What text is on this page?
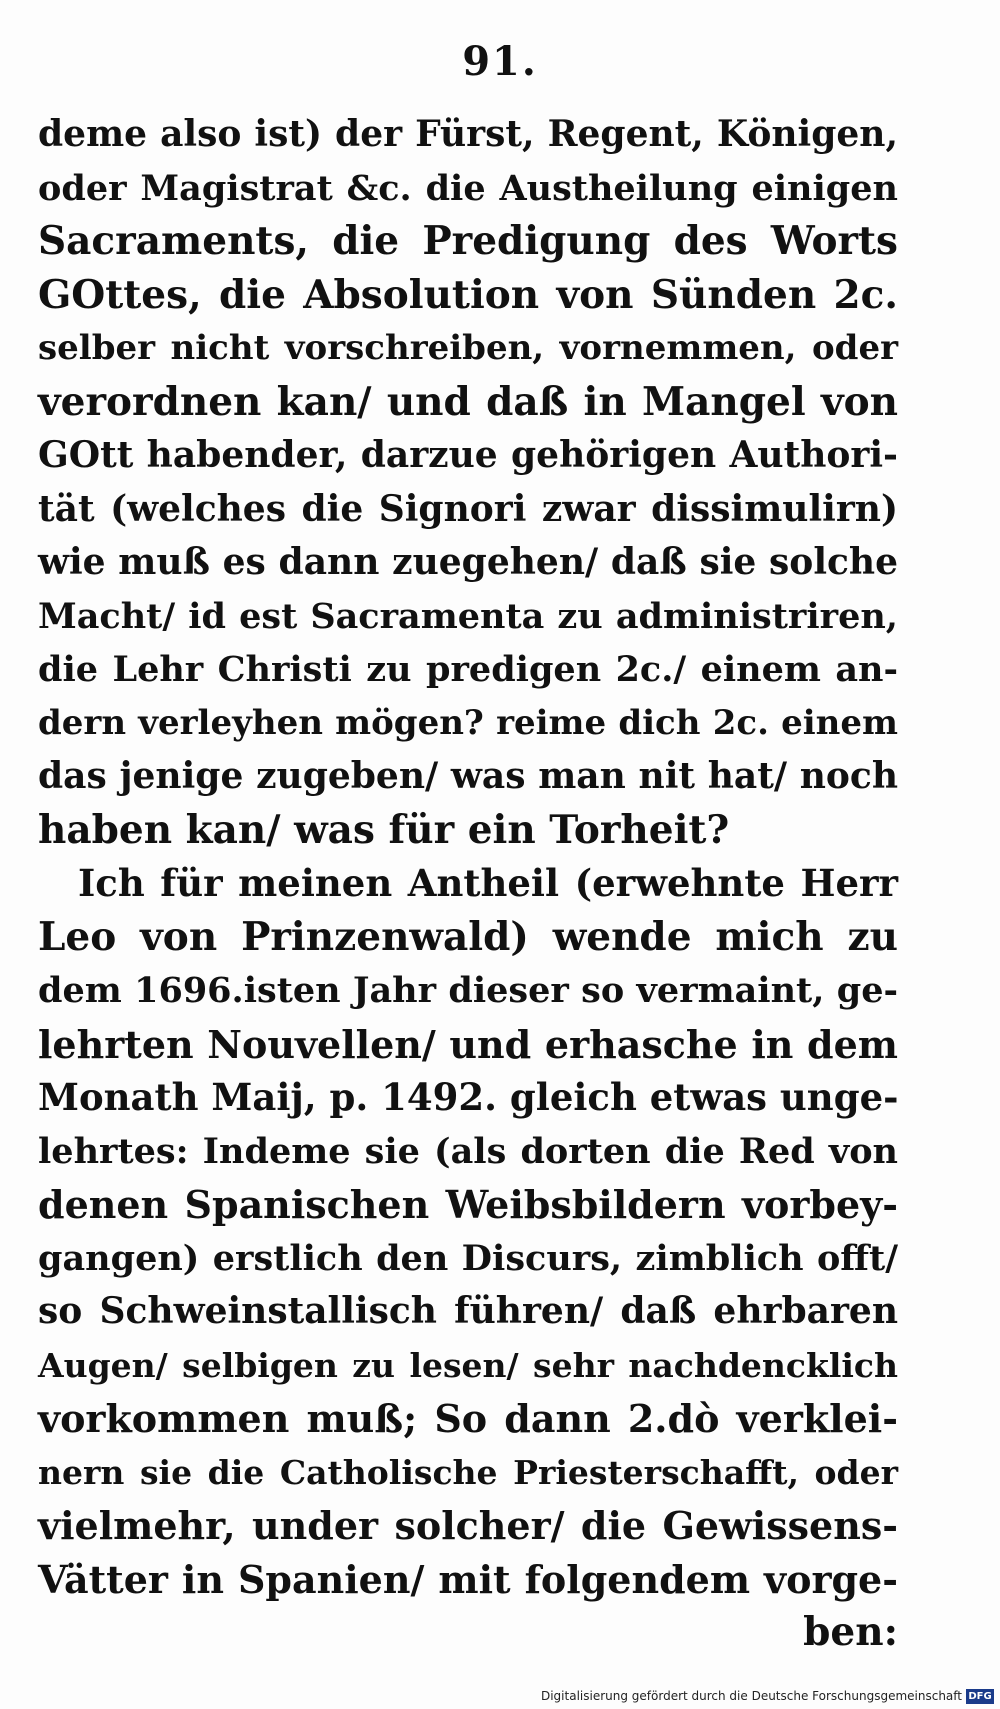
91.
deme also ist) der Fürst, Regent, Königen,
oder Magistrat &c. die Austheilung einigen
Sacraments, die Predigung des Worts
GOttes, die Absolution von Sünden 2c.
selber nicht vorschreiben, vornemmen, oder
verordnen kan/ und daß in Mangel von
GOtt habender, darzue gehörigen Authori-
tät (welches die Signori zwar dissimulirn)
wie muß es dann zuegehen/ daß sie solche
Macht/ id est Sacramenta zu administriren,
die Lehr Christi zu predigen 2c./ einem an-
dern verleyhen mögen? reime dich 2c. einem
das jenige zugeben/ was man nit hat/ noch
haben kan/ was für ein Torheit?
Ich für meinen Antheil (erwehnte Herr
Leo von Prinzenwald) wende mich zu
dem 1696.isten Jahr dieser so vermaint, ge-
lehrten Nouvellen/ und erhasche in dem
Monath Maij, p. 1492. gleich etwas unge-
lehrtes: Indeme sie (als dorten die Red von
denen Spanischen Weibsbildern vorbey-
gangen) erstlich den Discurs, zimblich offt/
so Schweinstallisch führen/ daß ehrbaren
Augen/ selbigen zu lesen/ sehr nachdencklich
vorkommen muß; So dann 2.dò verklei-
nern sie die Catholische Priesterschafft, oder
vielmehr, under solcher/ die Gewissens-
Vätter in Spanien/ mit folgendem vorge-
ben:
Digitalisierung gefördert durch die Deutsche Forschungsgemeinschaft DFG
